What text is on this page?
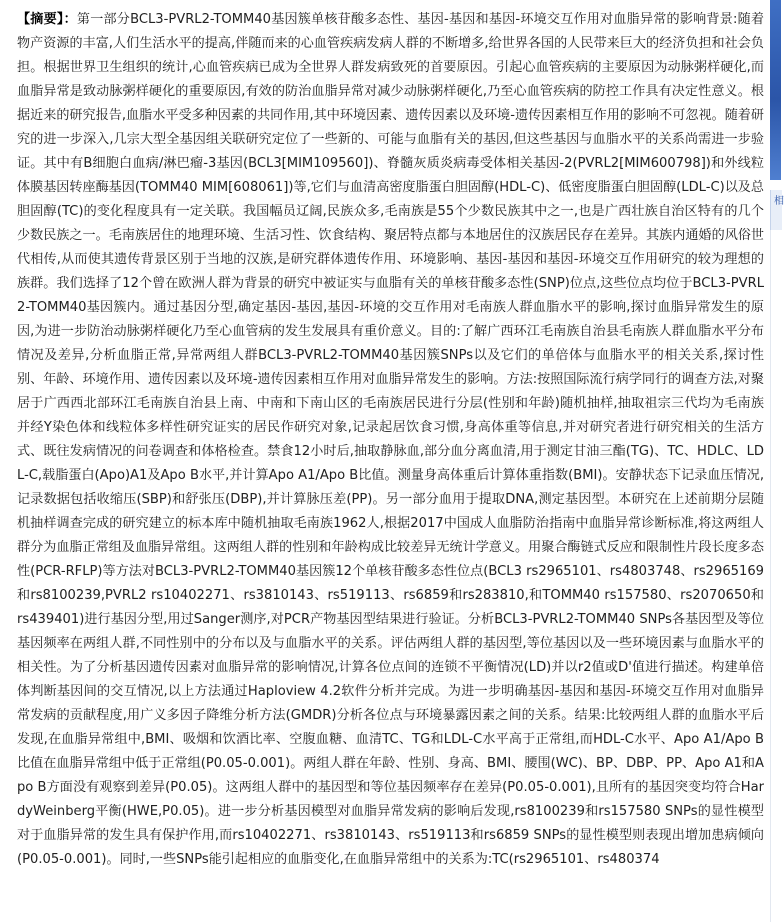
【摘要】：第一部分BCL3-PVRL2-TOMM40基因簇单核苷酸多态性、基因-基因和基因-环境交互作用对血脂异常的影响背景:随着物产资源的丰富,人们生活水平的提高,伴随而来的心血管疾病发病人群的不断增多,给世界各国的人民带来巨大的经济负担和社会负担。根据世界卫生组织的统计,心血管疾病已成为全世界人群发病致死的首要原因。引起心血管疾病的主要原因为动脉粥样硬化,而血脂异常是致动脉粥样硬化的重要原因,有效的防治血脂异常对减少动脉粥样硬化,乃至心血管疾病的防控工作具有决定性意义。根据近来的研究报告,血脂水平受多种因素的共同作用,其中环境因素、遗传因素以及环境-遗传因素相互作用的影响不可忽视。随着研究的进一步深入,几宗大型全基因组关联研究定位了一些新的、可能与血脂有关的基因,但这些基因与血脂水平的关系尚需进一步验证。其中有B细胞白血病/淋巴瘤-3基因(BCL3[MIM109560])、脊髓灰质炎病毒受体相关基因-2(PVRL2[MIM600798])和外线粒体膜基因转座酶基因(TOMM40 MIM[608061])等,它们与血清高密度脂蛋白胆固醇(HDL-C)、低密度脂蛋白胆固醇(LDL-C)以及总胆固醇(TC)的变化程度具有一定关联。我国幅员辽阔,民族众多,毛南族是55个少数民族其中之一,也是广西壮族自治区特有的几个少数民族之一。毛南族居住的地理环境、生活习性、饮食结构、聚居特点都与本地居住的汉族居民存在差异。其族内通婚的风俗世代相传,从而使其遗传背景区别于当地的汉族,是研究群体遗传作用、环境影响、基因-基因和基因-环境交互作用研究的较为理想的族群。我们选择了12个曾在欧洲人群为背景的研究中被证实与血脂有关的单核苷酸多态性(SNP)位点,这些位点均位于BCL3-PVRL2-TOMM40基因簇内。通过基因分型,确定基因-基因,基因-环境的交互作用对毛南族人群血脂水平的影响,探讨血脂异常发生的原因,为进一步防治动脉粥样硬化乃至心血管病的发生发展具有重价意义。目的:了解广西环江毛南族自治县毛南族人群血脂水平分布情况及差异,分析血脂正常,异常两组人群BCL3-PVRL2-TOMM40基因簇SNPs以及它们的单倍体与血脂水平的相关关系,探讨性别、年龄、环境作用、遗传因素以及环境-遗传因素相互作用对血脂异常发生的影响。方法:按照国际流行病学同行的调查方法,对聚居于广西西北部环江毛南族自治县上南、中南和下南山区的毛南族居民进行分层(性别和年龄)随机抽样,抽取祖宗三代均为毛南族并经Y染色体和线粒体多样性研究证实的居民作研究对象,记录起居饮食习惯,身高体重等信息,并对研究者进行研究相关的生活方式、既往发病情况的问卷调查和体格检查。禁食12小时后,抽取静脉血,部分血分离血清,用于测定甘油三酯(TG)、TC、HDLC、LDL-C,载脂蛋白(Apo)A1及Apo B水平,并计算Apo A1/Apo B比值。测量身高体重后计算体重指数(BMI)。安静状态下记录血压情况,记录数据包括收缩压(SBP)和舒张压(DBP),并计算脉压差(PP)。另一部分血用于提取DNA,测定基因型。本研究在上述前期分层随机抽样调查完成的研究建立的标本库中随机抽取毛南族1962人,根据2017中国成人血脂防治指南中血脂异常诊断标准,将这两组人群分为血脂正常组及血脂异常组。这两组人群的性别和年龄构成比较差异无统计学意义。用聚合酶链式反应和限制性片段长度多态性(PCR-RFLP)等方法对BCL3-PVRL2-TOMM40基因簇12个单核苷酸多态性位点(BCL3 rs2965101、rs4803748、rs2965169和rs8100239,PVRL2 rs10402271、rs3810143、rs519113、rs6859和rs283810,和TOMM40 rs157580、rs2070650和rs439401)进行基因分型,用过Sanger测序,对PCR产物基因型结果进行验证。分析BCL3-PVRL2-TOMM40 SNPs各基因型及等位基因频率在两组人群,不同性别中的分布以及与血脂水平的关系。评估两组人群的基因型,等位基因以及一些环境因素与血脂水平的相关性。为了分析基因遗传因素对血脂异常的影响情况,计算各位点间的连锁不平衡情况(LD)并以r2值或D'值进行描述。构建单倍体判断基因间的交互情况,以上方法通过Haploview 4.2软件分析并完成。为进一步明确基因-基因和基因-环境交互作用对血脂异常发病的贡献程度,用广义多因子降维分析方法(GMDR)分析各位点与环境暴露因素之间的关系。结果:比较两组人群的血脂水平后发现,在血脂异常组中,BMI、吸烟和饮酒比率、空腹血糖、血清TC、TG和LDL-C水平高于正常组,而HDL-C水平、Apo A1/Apo B比值在血脂异常组中低于正常组(P0.05-0.001)。两组人群在年龄、性别、身高、BMI、腰围(WC)、BP、DBP、PP、Apo A1和Apo B方面没有观察到差异(P0.05)。这两组人群中的基因型和等位基因频率存在差异(P0.05-0.001),且所有的基因突变均符合HardyWeinberg平衡(HWE,P0.05)。进一步分析基因模型对血脂异常发病的影响后发现,rs8100239和rs157580 SNPs的显性模型对于血脂异常的发生具有保护作用,而rs10402271、rs3810143、rs519113和rs6859 SNPs的显性模型则表现出增加患病倾向(P0.05-0.001)。同时,一些SNPs能引起相应的血脂变化,在血脂异常组中的关系为:TC(rs2965101、rs480374

相
